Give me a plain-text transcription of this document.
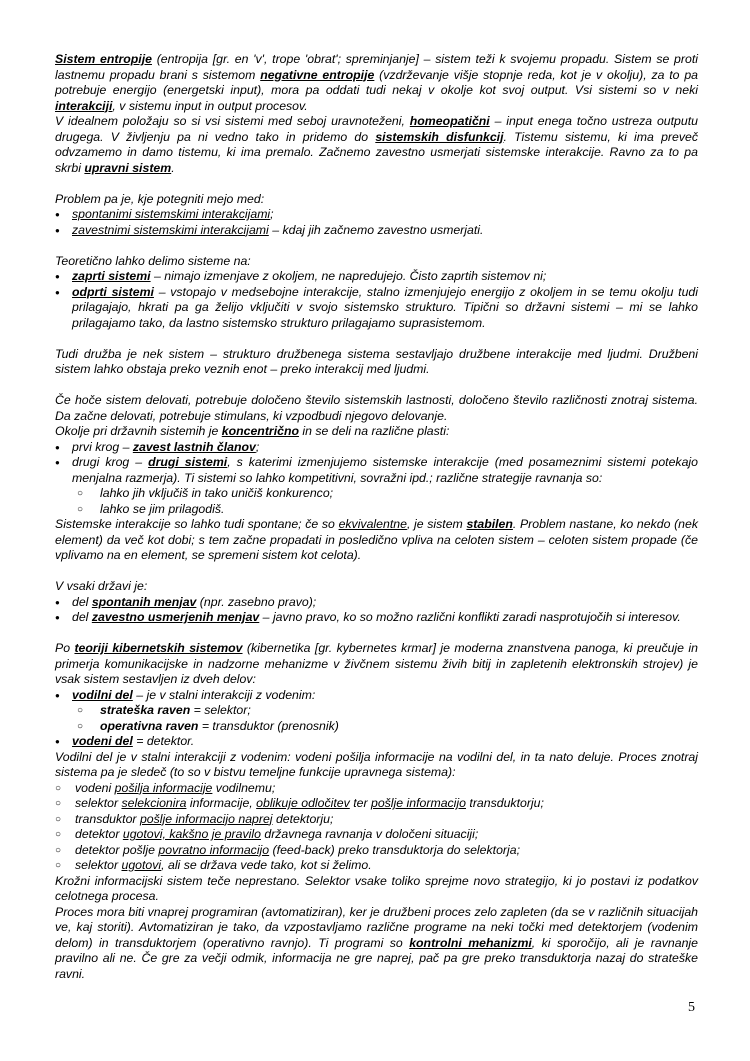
Sistem entropije (entropija [gr. en 'v', trope 'obrat'; spreminjanje] – sistem teži k svojemu propadu. Sistem se proti lastnemu propadu brani s sistemom negativne entropije (vzdrževanje višje stopnje reda, kot je v okolju), za to pa potrebuje energijo (energetski input), mora pa oddati tudi nekaj v okolje kot svoj output. Vsi sistemi so v neki interakciji, v sistemu input in output procesov.

V idealnem položaju so si vsi sistemi med seboj uravnoteženi, homeopatični – input enega točno ustreza outputu drugega. V življenju pa ni vedno tako in pridemo do sistemskih disfunkcij. Tistemu sistemu, ki ima preveč odvzamemo in damo tistemu, ki ima premalo. Začnemo zavestno usmerjati sistemske interakcije. Ravno za to pa skrbi upravni sistem.

Problem pa je, kje potegniti mejo med:

● spontanimi sistemskimi interakcijami;
● zavestnimi sistemskimi interakcijami – kdaj jih začnemo zavestno usmerjati.

Teoretično lahko delimo sisteme na:

● zaprti sistemi – nimajo izmenjave z okoljem, ne napredujejo. Čisto zaprtih sistemov ni;
● odprti sistemi – vstopajo v medsebojne interakcije, stalno izmenjujejo energijo z okoljem in se temu okolju tudi prilagajajo, hkrati pa ga želijo vključiti v svojo sistemsko strukturo. Tipični so državni sistemi – mi se lahko prilagajamo tako, da lastno sistemsko strukturo prilagajamo suprasistemom.

Tudi družba je nek sistem – strukturo družbenega sistema sestavljajo družbene interakcije med ljudmi. Družbeni sistem lahko obstaja preko veznih enot – preko interakcij med ljudmi.

Če hoče sistem delovati, potrebuje določeno število sistemskih lastnosti, določeno število različnosti znotraj sistema. Da začne delovati, potrebuje stimulans, ki vzpodbudi njegovo delovanje.

Okolje pri državnih sistemih je koncentrično in se deli na različne plasti:

● prvi krog – zavest lastnih članov;
● drugi krog – drugi sistemi, s katerimi izmenjujemo sistemske interakcije (med posameznimi sistemi potekajo menjalna razmerja). Ti sistemi so lahko kompetitivni, sovražni ipd.; različne strategije ravnanja so:
○ lahko jih vključiš in tako uničiš konkurenco;
○ lahko se jim prilagodiš.

Sistemske interakcije so lahko tudi spontane; če so ekvivalentne, je sistem stabilen. Problem nastane, ko nekdo (nek element) da več kot dobi; s tem začne propadati in posledično vpliva na celoten sistem – celoten sistem propade (če vplivamo na en element, se spremeni sistem kot celota).

V vsaki državi je:

● del spontanih menjav (npr. zasebno pravo);
● del zavestno usmerjenih menjav – javno pravo, ko so možno različni konflikti zaradi nasprotujočih si interesov.

Po teoriji kibernetskih sistemov (kibernetika [gr. kybernetes krmar] je moderna znanstvena panoga, ki preučuje in primerja komunikacijske in nadzorne mehanizme v živčnem sistemu živih bitij in zapletenih elektronskih strojev) je vsak sistem sestavljen iz dveh delov:

● vodilni del – je v stalni interakciji z vodenim:
○ strateška raven = selektor;
○ operativna raven = transduktor (prenosnik)
● vodeni del = detektor.

Vodilni del je v stalni interakciji z vodenim: vodeni pošilja informacije na vodilni del, in ta nato deluje. Proces znotraj sistema pa je sledeč (to so v bistvu temeljne funkcije upravnega sistema):

○ vodeni pošilja informacije vodilnemu;
○ selektor selekcionira informacije, oblikuje odločitev ter pošlje informacijo transduktorju;
○ transduktor pošlje informacijo naprej detektorju;
○ detektor ugotovi, kakšno je pravilo državnega ravnanja v določeni situaciji;
○ detektor pošlje povratno informacijo (feed-back) preko transduktorja do selektorja;
○ selektor ugotovi, ali se država vede tako, kot si želimo.

Krožni informacijski sistem teče neprestano. Selektor vsake toliko sprejme novo strategijo, ki jo postavi iz podatkov celotnega procesa.

Proces mora biti vnaprej programiran (avtomatiziran), ker je družbeni proces zelo zapleten (da se v različnih situacijah ve, kaj storiti). Avtomatiziran je tako, da vzpostavljamo različne programe na neki točki med detektorjem (vodenim delom) in transduktorjem (operativno ravnjo). Ti programi so kontrolni mehanizmi, ki sporočijo, ali je ravnanje pravilno ali ne. Če gre za večji odmik, informacija ne gre naprej, pač pa gre preko transduktorja nazaj do strateške ravni.

5
